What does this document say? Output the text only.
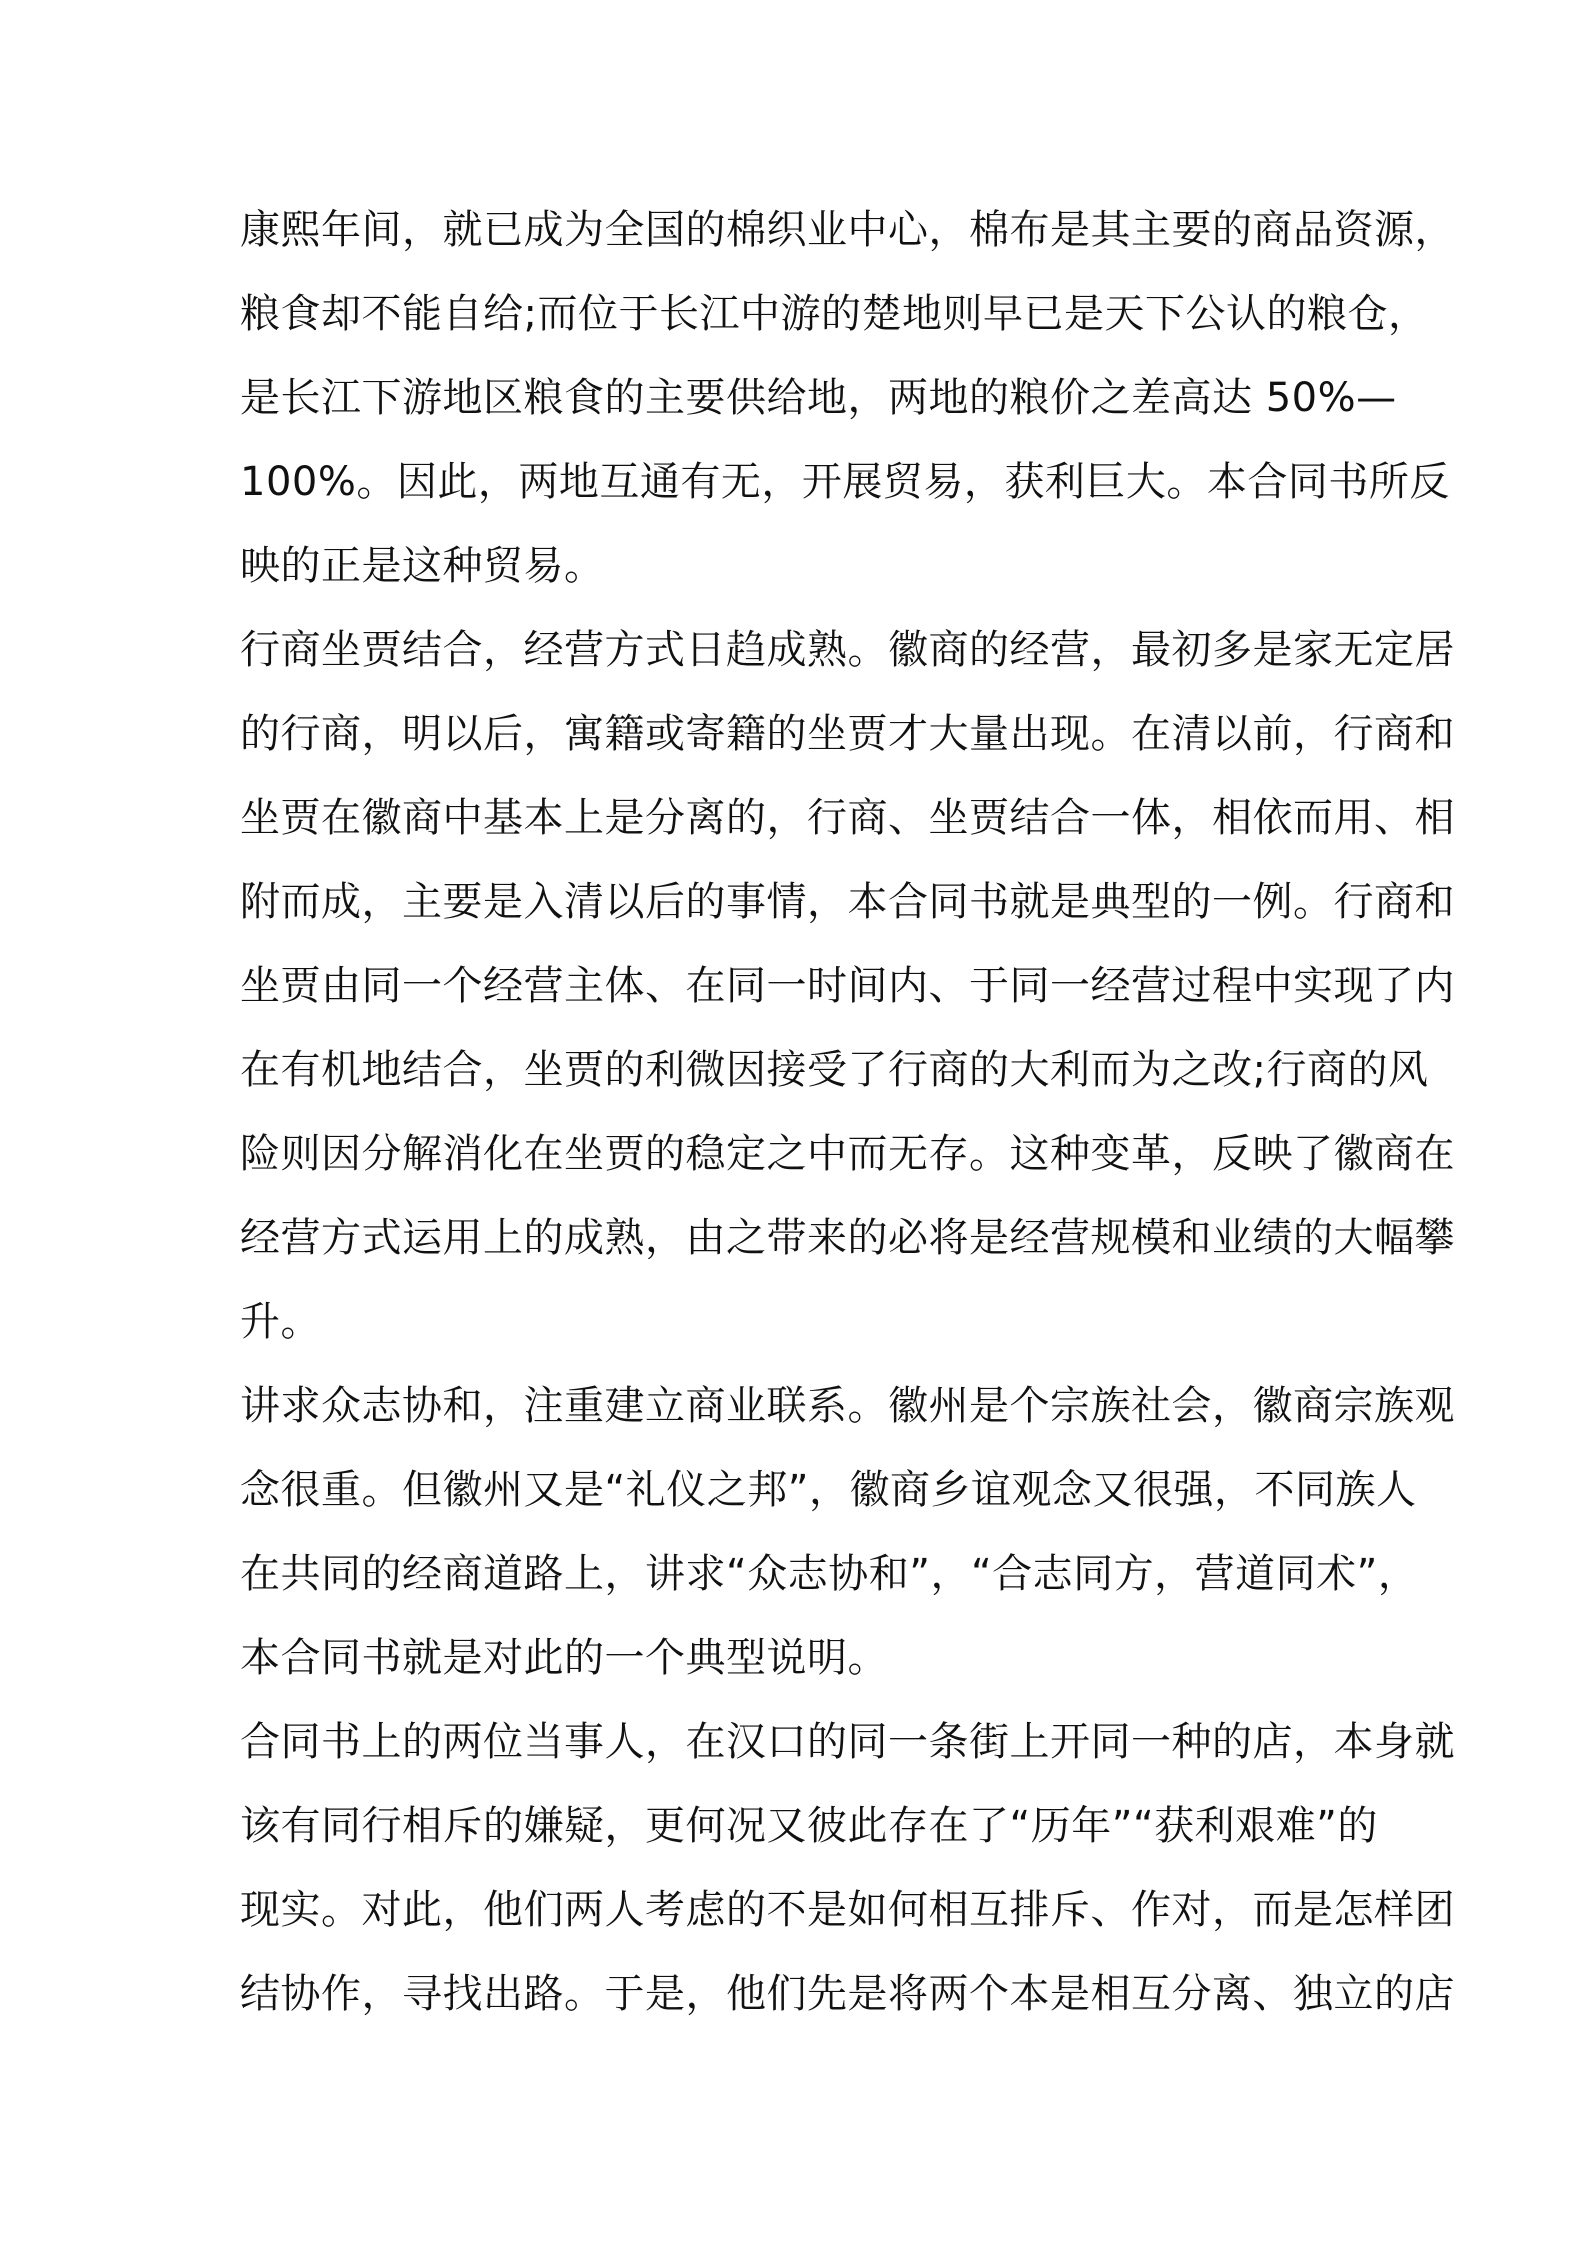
康熙年间，就已成为全国的棉织业中心，棉布是其主要的商品资源，
粮食却不能自给;而位于长江中游的楚地则早已是天下公认的粮仓，
是长江下游地区粮食的主要供给地，两地的粮价之差高达 50%—
100%。因此，两地互通有无，开展贸易，获利巨大。本合同书所反
映的正是这种贸易。
行商坐贾结合，经营方式日趋成熟。徽商的经营，最初多是家无定居
的行商，明以后，寓籍或寄籍的坐贾才大量出现。在清以前，行商和
坐贾在徽商中基本上是分离的，行商、坐贾结合一体，相依而用、相
附而成，主要是入清以后的事情，本合同书就是典型的一例。行商和
坐贾由同一个经营主体、在同一时间内、于同一经营过程中实现了内
在有机地结合，坐贾的利微因接受了行商的大利而为之改;行商的风
险则因分解消化在坐贾的稳定之中而无存。这种变革，反映了徽商在
经营方式运用上的成熟，由之带来的必将是经营规模和业绩的大幅攀
升。
讲求众志协和，注重建立商业联系。徽州是个宗族社会，徽商宗族观
念很重。但徽州又是“礼仪之邦”，徽商乡谊观念又很强，不同族人
在共同的经商道路上，讲求“众志协和”，“合志同方，营道同术”，
本合同书就是对此的一个典型说明。
合同书上的两位当事人，在汉口的同一条街上开同一种的店，本身就
该有同行相斥的嫌疑，更何况又彼此存在了“历年”“获利艰难”的
现实。对此，他们两人考虑的不是如何相互排斥、作对，而是怎样团
结协作，寻找出路。于是，他们先是将两个本是相互分离、独立的店
